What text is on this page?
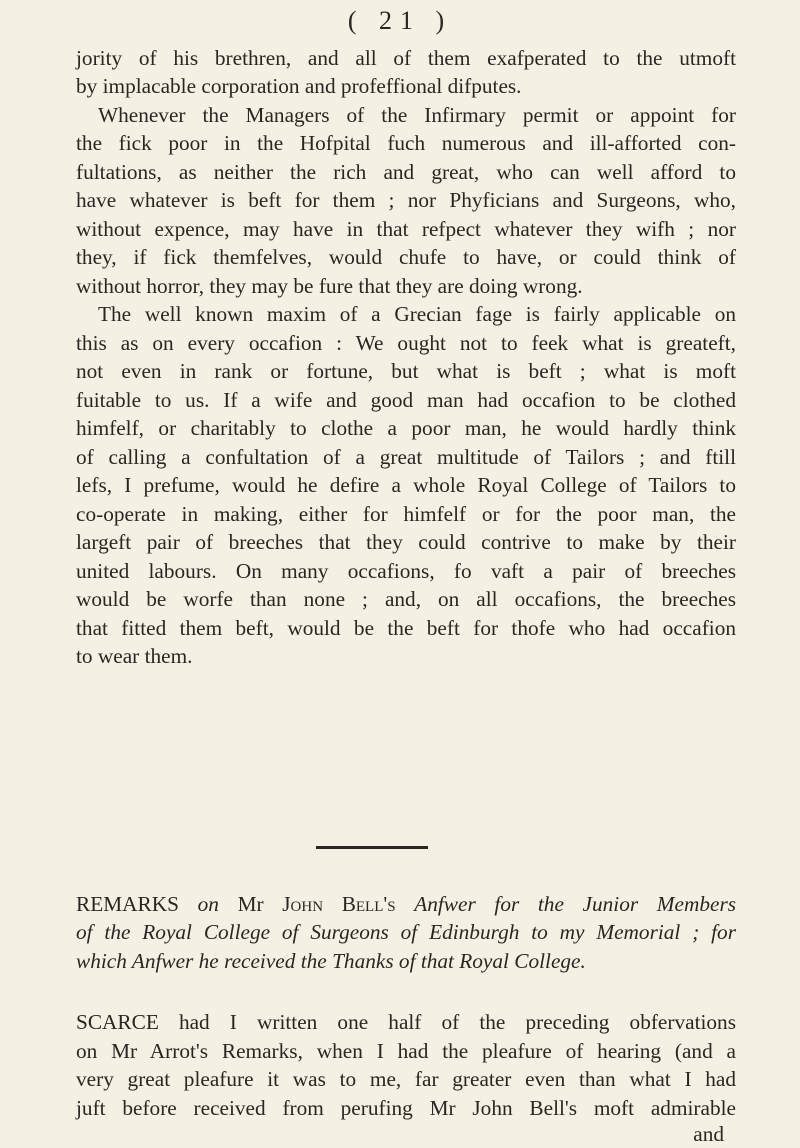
( 21 )
jority of his brethren, and all of them exafperated to the utmoft
by implacable corporation and profeffional difputes.
Whenever the Managers of the Infirmary permit or appoint for
the fick poor in the Hofpital fuch numerous and ill-afforted con-
fultations, as neither the rich and great, who can well afford to
have whatever is beft for them ; nor Phyficians and Surgeons, who,
without expence, may have in that refpect whatever they wifh ; nor
they, if fick themfelves, would chufe to have, or could think of
without horror, they may be fure that they are doing wrong.
The well known maxim of a Grecian fage is fairly applicable on
this as on every occafion : We ought not to feek what is greateft,
not even in rank or fortune, but what is beft ; what is moft
fuitable to us. If a wife and good man had occafion to be clothed
himfelf, or charitably to clothe a poor man, he would hardly think
of calling a confultation of a great multitude of Tailors ; and ftill
lefs, I prefume, would he defire a whole Royal College of Tailors to
co-operate in making, either for himfelf or for the poor man, the
largeft pair of breeches that they could contrive to make by their
united labours. On many occafions, fo vaft a pair of breeches
would be worfe than none ; and, on all occafions, the breeches
that fitted them beft, would be the beft for thofe who had occafion
to wear them.
REMARKS on Mr John Bell's Anfwer for the Junior Members
of the Royal College of Surgeons of Edinburgh to my Memorial ; for
which Anfwer he received the Thanks of that Royal College.
SCARCE had I written one half of the preceding obfervations
on Mr Arrot's Remarks, when I had the pleafure of hearing (and a
very great pleafure it was to me, far greater even than what I had
juft before received from perufing Mr John Bell's moft admirable
and
